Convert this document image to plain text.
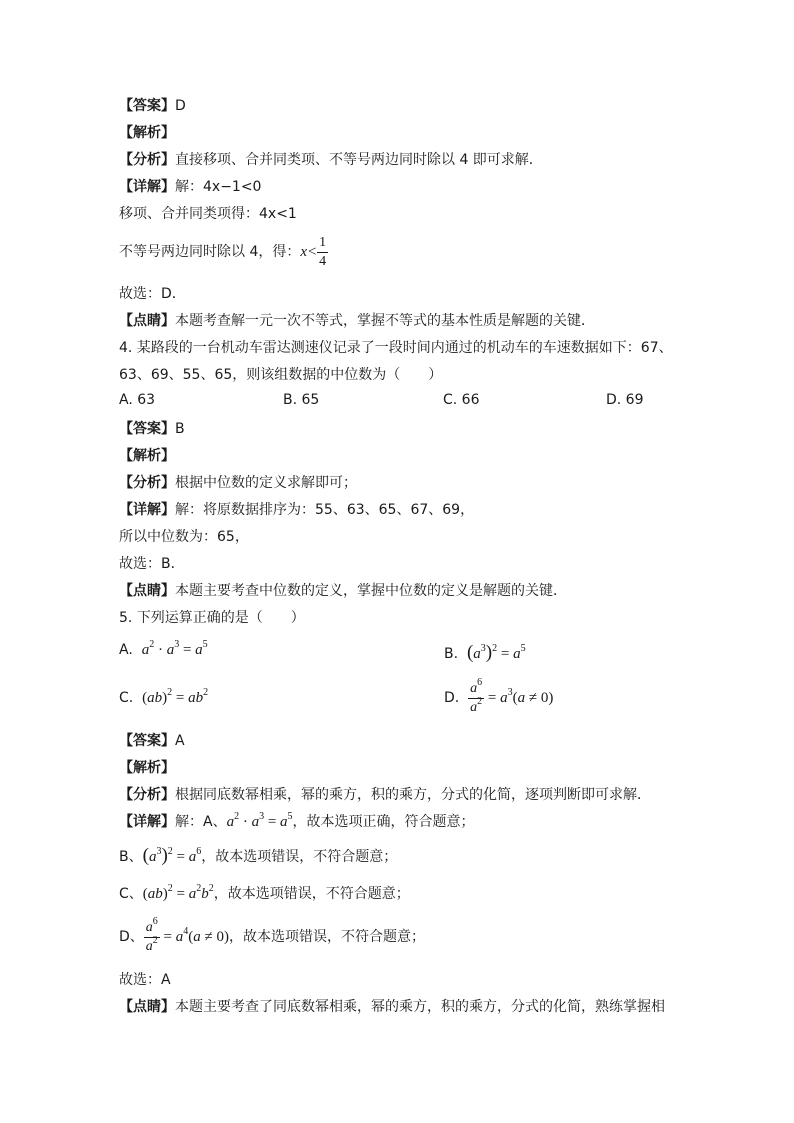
【答案】D
【解析】
【分析】直接移项、合并同类项、不等号两边同时除以 4 即可求解．
【详解】解：4x−1<0
移项、合并同类项得：4x<1
不等号两边同时除以 4，得：$x< \frac{1}{4}$
故选：D．
【点睛】本题考查解一元一次不等式，掌握不等式的基本性质是解题的关键．
4. 某路段的一台机动车雷达测速仪记录了一段时间内通过的机动车的车速数据如下：67、
63、69、55、65，则该组数据的中位数为（　　）
A. 63	B. 65	C. 66	D. 69
【答案】B
【解析】
【分析】根据中位数的定义求解即可；
【详解】解：将原数据排序为：55、63、65、67、69，
所以中位数为：65，
故选：B．
【点睛】本题主要考查中位数的定义，掌握中位数的定义是解题的关键．
5. 下列运算正确的是（　　）
A. $a^2 \cdot a^3 = a^5$
B. $(a^3)^2 = a^5$
C. $(ab)^2 = ab^2$	D. $\frac{a^6}{a^2} = a^3(a \ne 0)$
【答案】A
【解析】
【分析】根据同底数幂相乘，幂的乘方，积的乘方，分式的化简，逐项判断即可求解．
【详解】解：A、$a^2 \cdot a^3 = a^5$，故本选项正确，符合题意；
B、$(a^3)^2 = a^6$，故本选项错误，不符合题意；
C、$(ab)^2 = a^2b^2$，故本选项错误，不符合题意；
D、 $\frac{a^6}{a^2} = a^4(a \ne 0)$，故本选项错误，不符合题意；
故选：A
【点睛】本题主要考查了同底数幂相乘，幂的乘方，积的乘方，分式的化简，熟练掌握相
